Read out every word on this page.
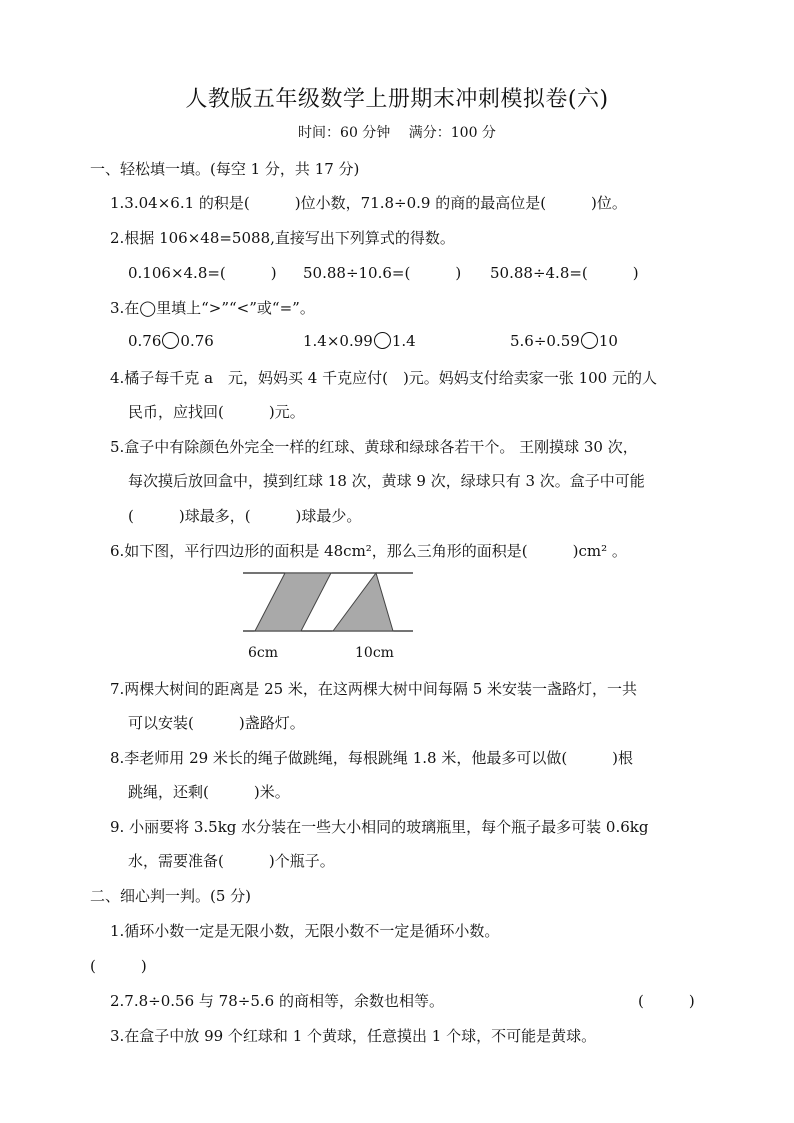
人教版五年级数学上册期末冲刺模拟卷(六)
时间：60 分钟　 满分：100 分
一、轻松填一填。(每空 1 分，共 17 分)
1.3.04×6.1 的积是(　　　)位小数，71.8÷0.9 的商的最高位是(　　　)位。
2.根据 106×48=5088,直接写出下列算式的得数。
0.106×4.8=(　　　) 50.88÷10.6=(　　　) 50.88÷4.8=(　　　)
3.在◯里填上“>”“<”或“=”。
0.76 0.76	1.4×0.99 1.4	5.6÷0.59 10
4.橘子每千克 a　元，妈妈买 4 千克应付(　)元。妈妈支付给卖家一张 100 元的人
民币，应找回(　　　)元。
5.盒子中有除颜色外完全一样的红球、黄球和绿球各若干个。 王刚摸球 30 次，
每次摸后放回盒中，摸到红球 18 次，黄球 9 次，绿球只有 3 次。盒子中可能
(　　　)球最多，(　　　)球最少。
6.如下图，平行四边形的面积是 48cm²，那么三角形的面积是(　　　)cm² 。
6cm	10cm
7.两棵大树间的距离是 25 米，在这两棵大树中间每隔 5 米安装一盏路灯，一共
可以安装(　　　)盏路灯。
8.李老师用 29 米长的绳子做跳绳，每根跳绳 1.8 米，他最多可以做(　　　)根
跳绳，还剩(　　　)米。
9. 小丽要将 3.5kg 水分装在一些大小相同的玻璃瓶里，每个瓶子最多可装 0.6kg
水，需要准备(　　　)个瓶子。
二、细心判一判。(5 分)
1.循环小数一定是无限小数，无限小数不一定是循环小数。
(　　　)
2.7.8÷0.56 与 78÷5.6 的商相等，余数也相等。	(　　　)
3.在盒子中放 99 个红球和 1 个黄球，任意摸出 1 个球，不可能是黄球。
